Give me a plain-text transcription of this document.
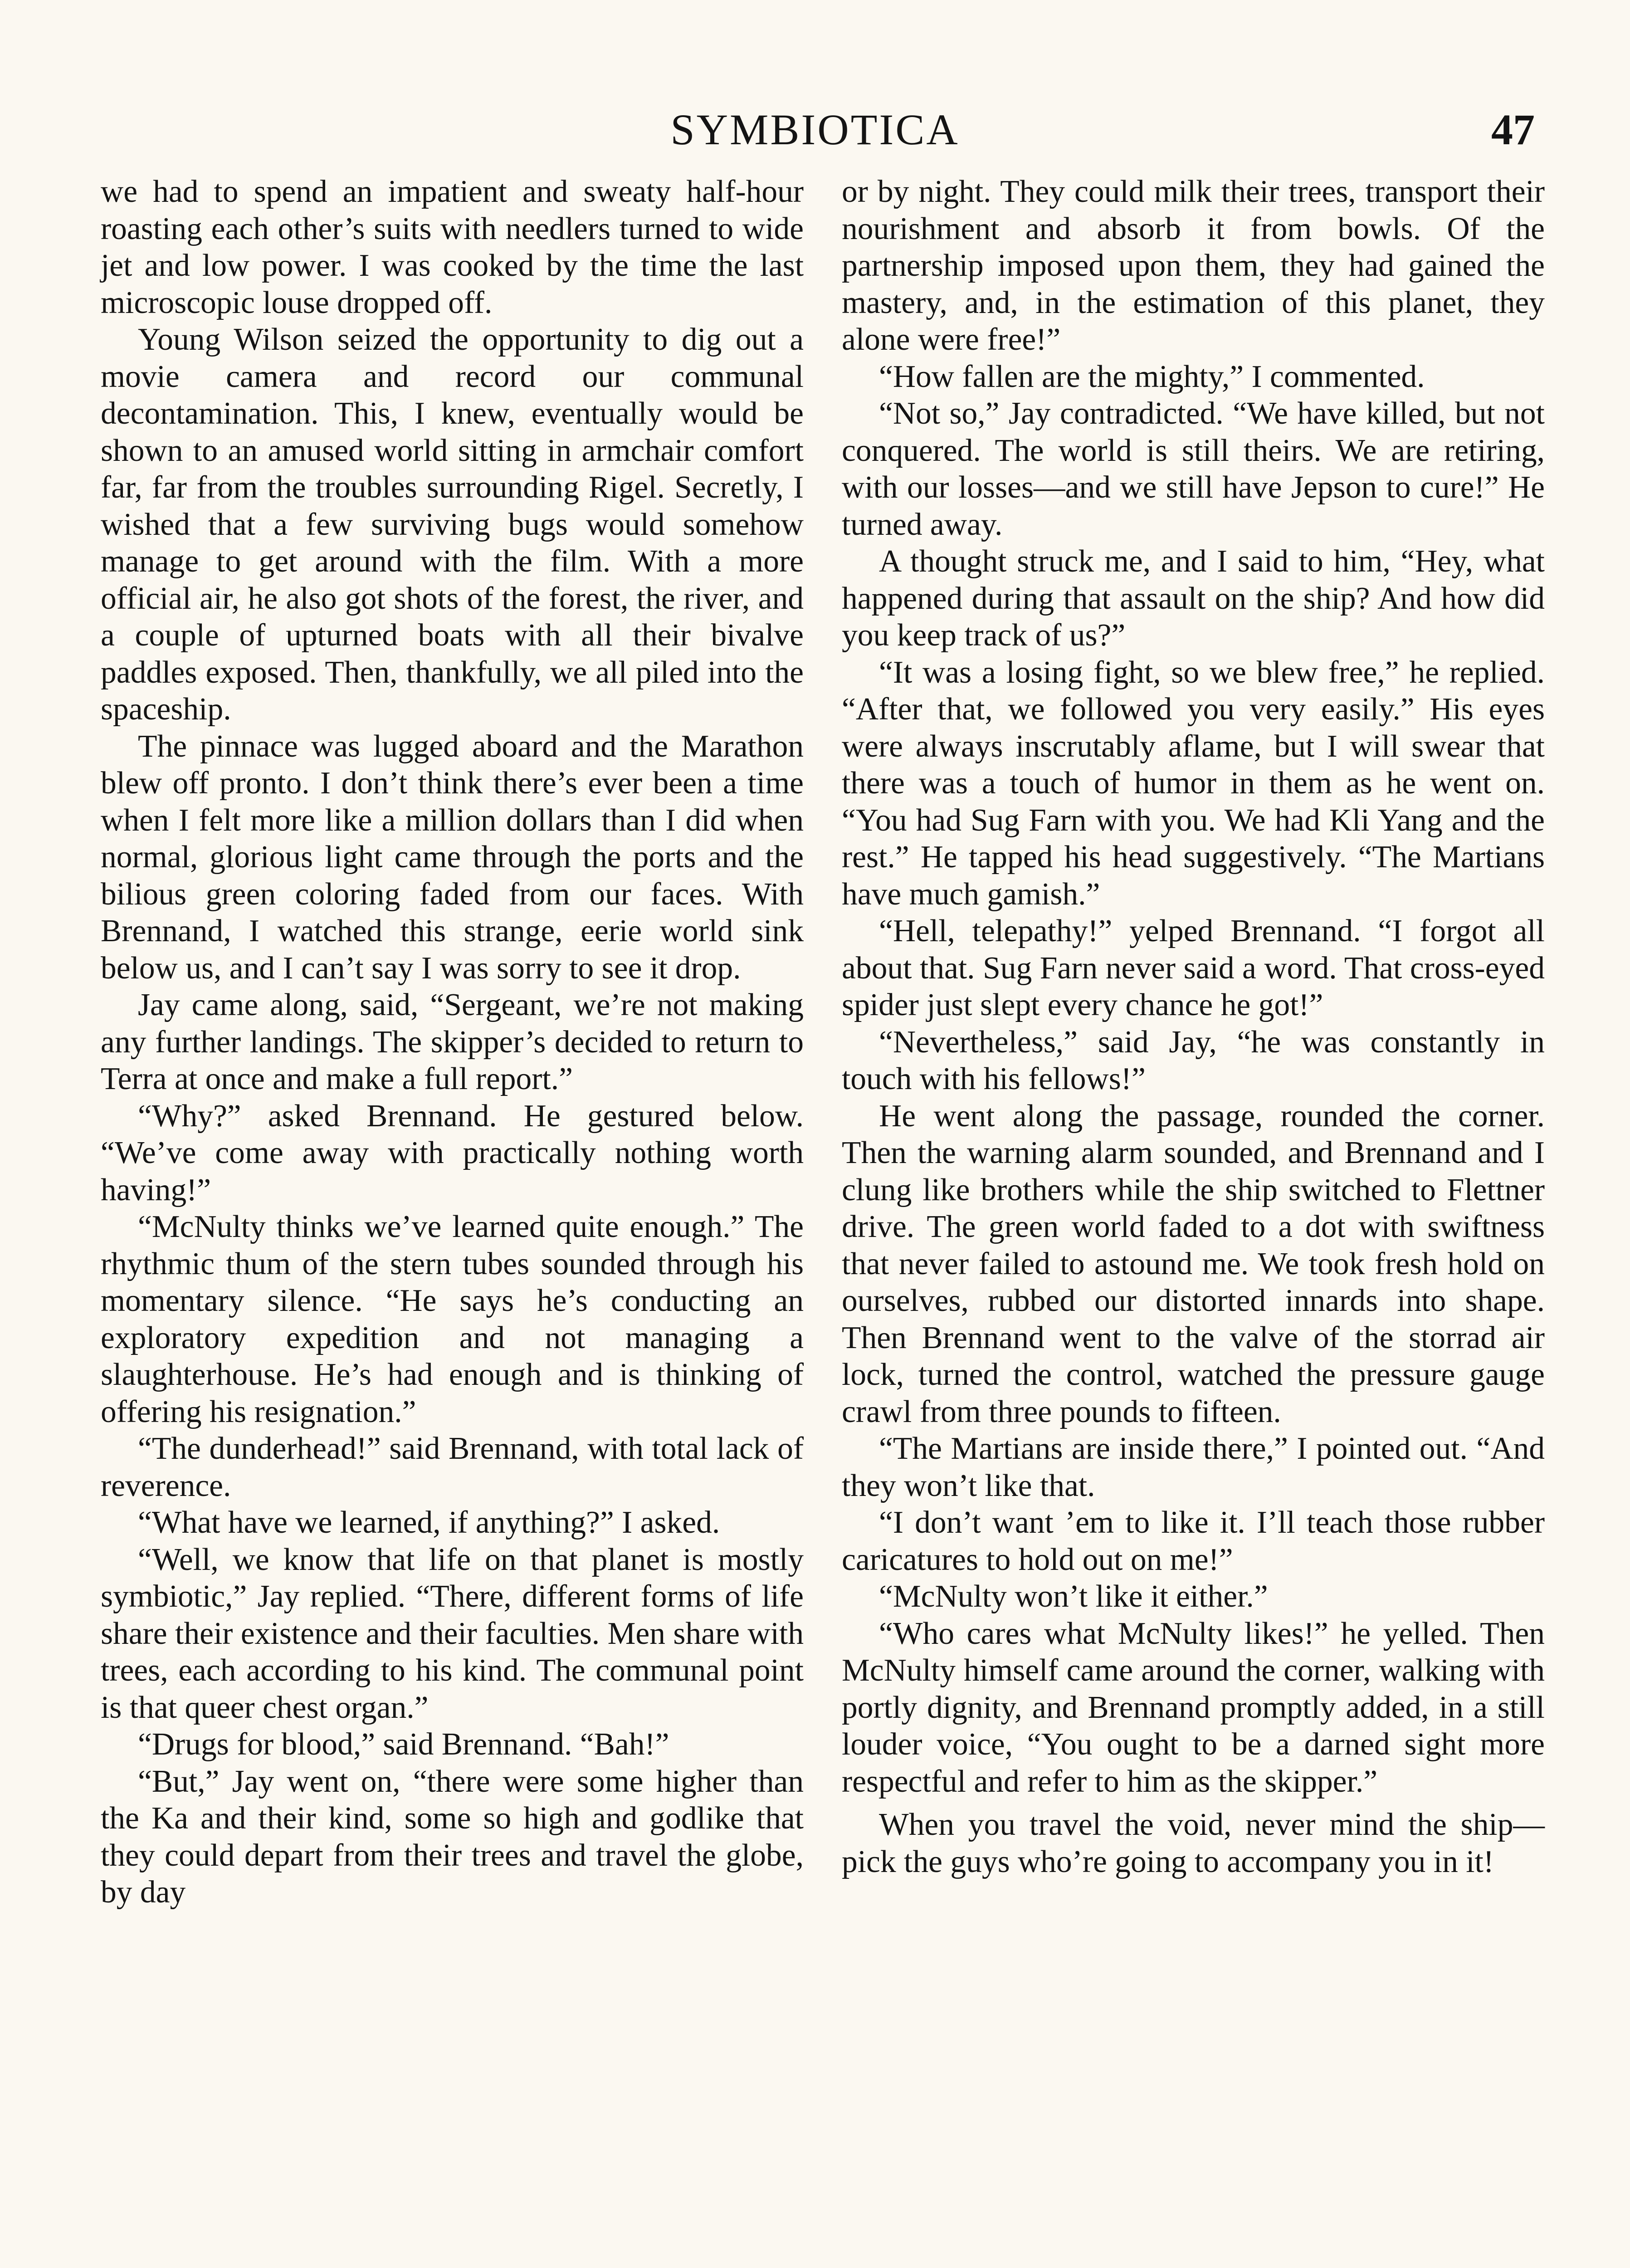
SYMBIOTICA	47

we had to spend an impatient and sweaty half-hour roasting each other’s suits with needlers turned to wide jet and low power. I was cooked by the time the last microscopic louse dropped off.

Young Wilson seized the opportunity to dig out a movie camera and record our communal decontamination. This, I knew, eventually would be shown to an amused world sitting in armchair comfort far, far from the troubles surrounding Rigel. Secretly, I wished that a few surviving bugs would somehow manage to get around with the film. With a more official air, he also got shots of the forest, the river, and a couple of upturned boats with all their bivalve paddles exposed. Then, thankfully, we all piled into the spaceship.

The pinnace was lugged aboard and the Marathon blew off pronto. I don’t think there’s ever been a time when I felt more like a million dollars than I did when normal, glorious light came through the ports and the bilious green coloring faded from our faces. With Brennand, I watched this strange, eerie world sink below us, and I can’t say I was sorry to see it drop.

Jay came along, said, “Sergeant, we’re not making any further landings. The skipper’s decided to return to Terra at once and make a full report.”

“Why?” asked Brennand. He gestured below. “We’ve come away with practically nothing worth having!”

“McNulty thinks we’ve learned quite enough.” The rhythmic thum of the stern tubes sounded through his momentary silence. “He says he’s conducting an exploratory expedition and not managing a slaughterhouse. He’s had enough and is thinking of offering his resignation.”

“The dunderhead!” said Brennand, with total lack of reverence.

“What have we learned, if anything?” I asked.

“Well, we know that life on that planet is mostly symbiotic,” Jay replied. “There, different forms of life share their existence and their faculties. Men share with trees, each according to his kind. The communal point is that queer chest organ.”

“Drugs for blood,” said Brennand. “Bah!”

“But,” Jay went on, “there were some higher than the Ka and their kind, some so high and godlike that they could depart from their trees and travel the globe, by day

or by night. They could milk their trees, transport their nourishment and absorb it from bowls. Of the partnership imposed upon them, they had gained the mastery, and, in the estimation of this planet, they alone were free!”

“How fallen are the mighty,” I commented.

“Not so,” Jay contradicted. “We have killed, but not conquered. The world is still theirs. We are retiring, with our losses—and we still have Jepson to cure!” He turned away.

A thought struck me, and I said to him, “Hey, what happened during that assault on the ship? And how did you keep track of us?”

“It was a losing fight, so we blew free,” he replied. “After that, we followed you very easily.” His eyes were always inscrutably aflame, but I will swear that there was a touch of humor in them as he went on. “You had Sug Farn with you. We had Kli Yang and the rest.” He tapped his head suggestively. “The Martians have much gamish.”

“Hell, telepathy!” yelped Brennand. “I forgot all about that. Sug Farn never said a word. That cross-eyed spider just slept every chance he got!”

“Nevertheless,” said Jay, “he was constantly in touch with his fellows!”

He went along the passage, rounded the corner. Then the warning alarm sounded, and Brennand and I clung like brothers while the ship switched to Flettner drive. The green world faded to a dot with swiftness that never failed to astound me. We took fresh hold on ourselves, rubbed our distorted innards into shape. Then Brennand went to the valve of the storrad air lock, turned the control, watched the pressure gauge crawl from three pounds to fifteen.

“The Martians are inside there,” I pointed out. “And they won’t like that.

“I don’t want ’em to like it. I’ll teach those rubber caricatures to hold out on me!”

“McNulty won’t like it either.”

“Who cares what McNulty likes!” he yelled. Then McNulty himself came around the corner, walking with portly dignity, and Brennand promptly added, in a still louder voice, “You ought to be a darned sight more respectful and refer to him as the skipper.”

When you travel the void, never mind the ship—pick the guys who’re going to accompany you in it!
